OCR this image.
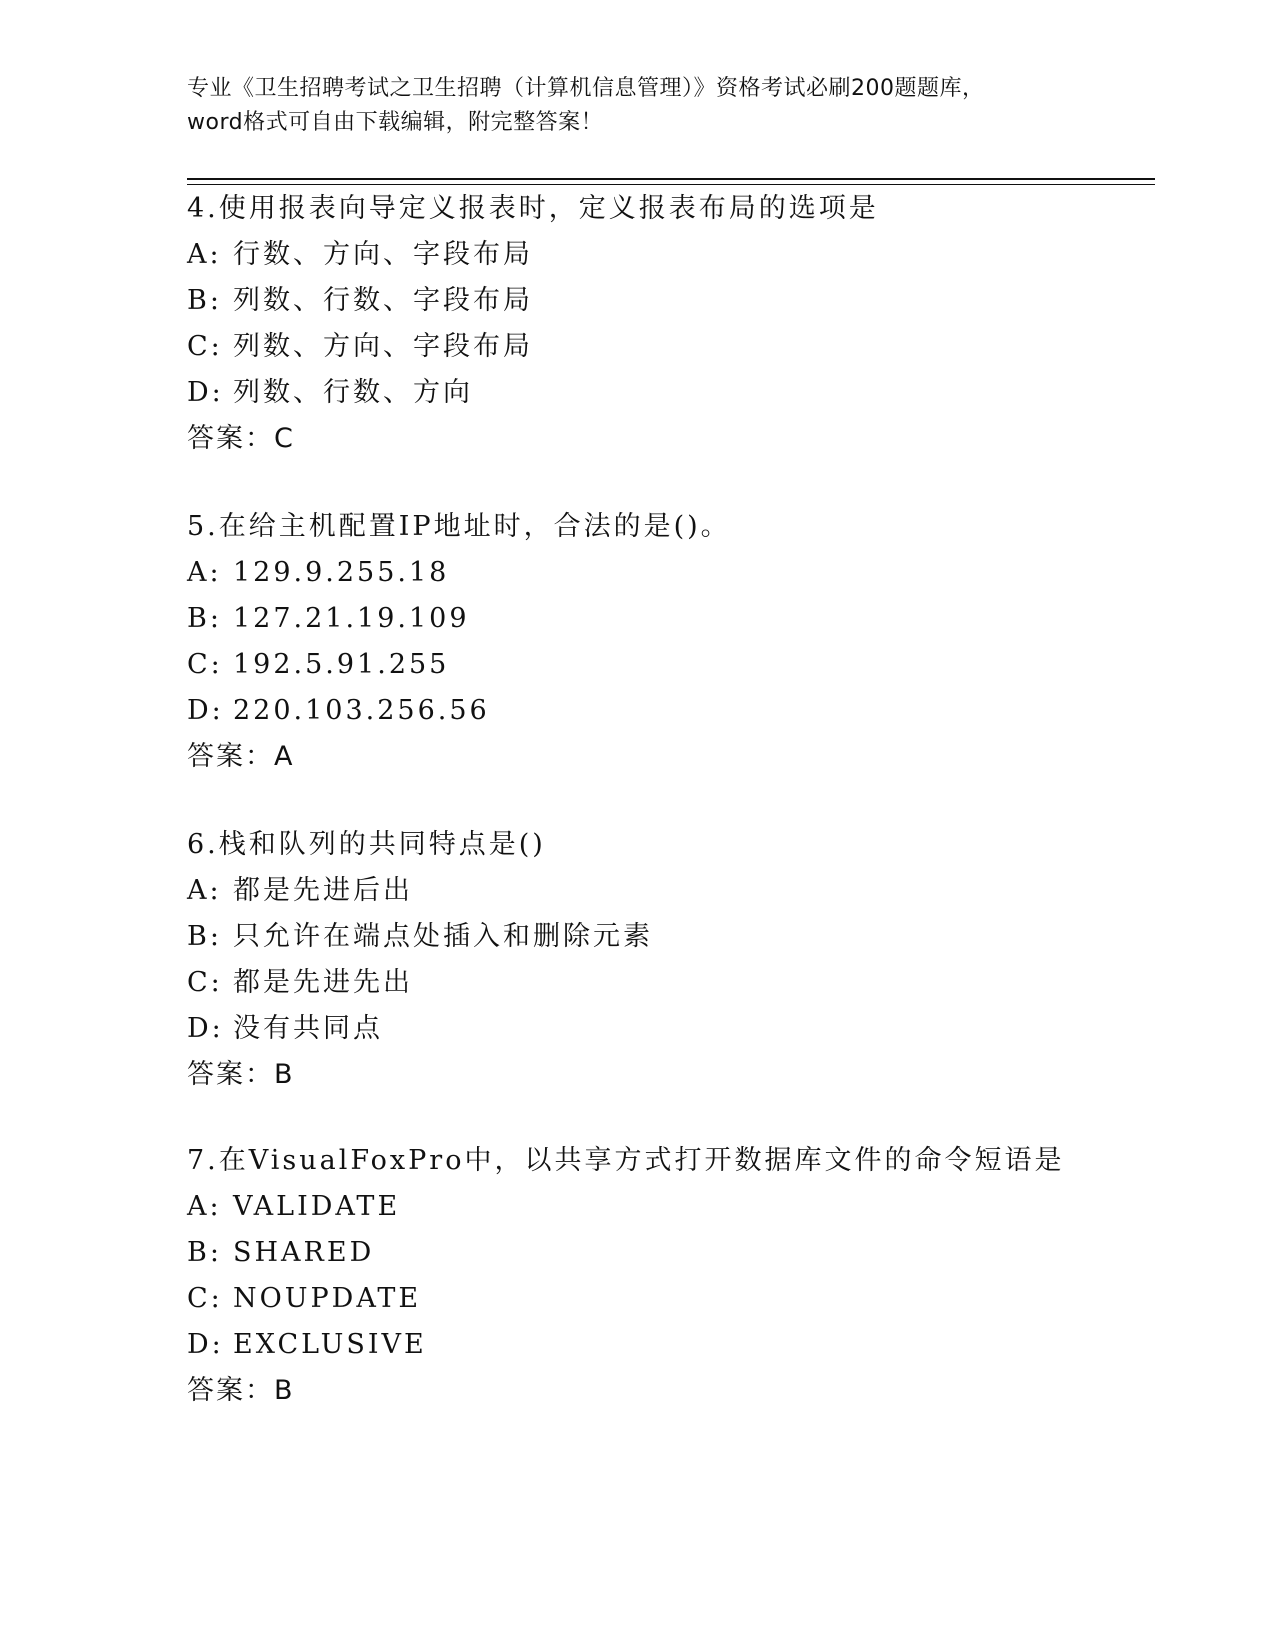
专业《卫生招聘考试之卫生招聘（计算机信息管理）》资格考试必刷200题题库，
word格式可自由下载编辑，附完整答案！
4.使用报表向导定义报表时，定义报表布局的选项是
A: 行数、方向、字段布局
B: 列数、行数、字段布局
C: 列数、方向、字段布局
D: 列数、行数、方向
答案：C
5.在给主机配置IP地址时，合法的是()。
A: 129.9.255.18
B: 127.21.19.109
C: 192.5.91.255
D: 220.103.256.56
答案：A
6.栈和队列的共同特点是()
A: 都是先进后出
B: 只允许在端点处插入和删除元素
C: 都是先进先出
D: 没有共同点
答案：B
7.在VisualFoxPro中，以共享方式打开数据库文件的命令短语是
A: VALIDATE
B: SHARED
C: NOUPDATE
D: EXCLUSIVE
答案：B
